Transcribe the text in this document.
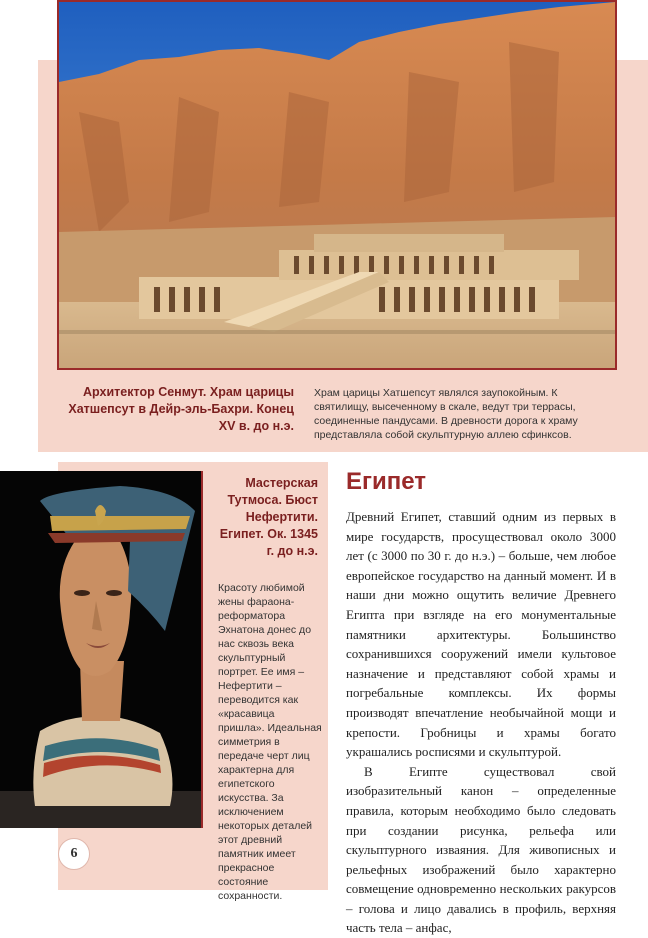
Архитектор Сенмут. Храм царицы Хатшепсут в Дейр-эль-Бахри. Конец XV в. до н.э.
Храм царицы Хатшепсут являлся заупокойным. К святилищу, высеченному в скале, ведут три террасы, соединенные пандусами. В древности дорога к храму представляла собой скульптурную аллею сфинксов.
Мастерская Тутмоса. Бюст Нефертити. Египет. Ок. 1345 г. до н.э.
Красоту любимой жены фараона-реформатора Эхнатона донес до нас сквозь века скульптурный портрет. Ее имя – Нефертити – переводится как «красавица пришла». Идеальная симметрия в передаче черт лиц характерна для египетского искусства. За исключением некоторых деталей этот древний памятник имеет прекрасное состояние сохранности.
6
Египет

Древний Египет, ставший одним из первых в мире государств, просуществовал около 3000 лет (с 3000 по 30 г. до н.э.) – больше, чем любое европейское государство на данный момент. И в наши дни можно ощутить величие Древнего Египта при взгляде на его монументальные памятники архитектуры. Большинство сохранившихся сооружений имели культовое назначение и представляют собой храмы и погребальные комплексы. Их формы производят впечатление необычайной мощи и крепости. Гробницы и храмы богато украшались росписями и скульптурой.

В Египте существовал свой изобразительный канон – определенные правила, которым необходимо было следовать при создании рисунка, рельефа или скульптурного изваяния. Для живописных и рельефных изображений было характерно совмещение одновременно нескольких ракурсов – голова и лицо давались в профиль, верхняя часть тела – анфас,
